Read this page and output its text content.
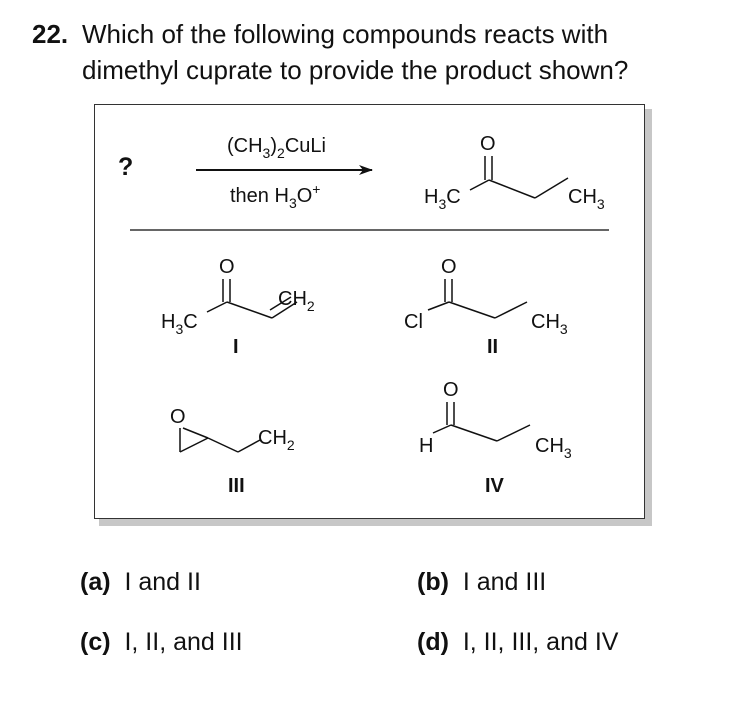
22. Which of the following compounds reacts with
dimethyl cuprate to provide the product shown?
?
$(CH_3)_2CuLi$
then $H_3O^+$
O
$H_3C$	$CH_3$
O
$H_3C$
$CH_2$
I
O
Cl	$CH_3$
II
O
$CH_2$
III
O
H	$CH_3$
IV
(a) I and II	(b) I and III
(c) I, II, and III	(d) I, II, III, and IV
